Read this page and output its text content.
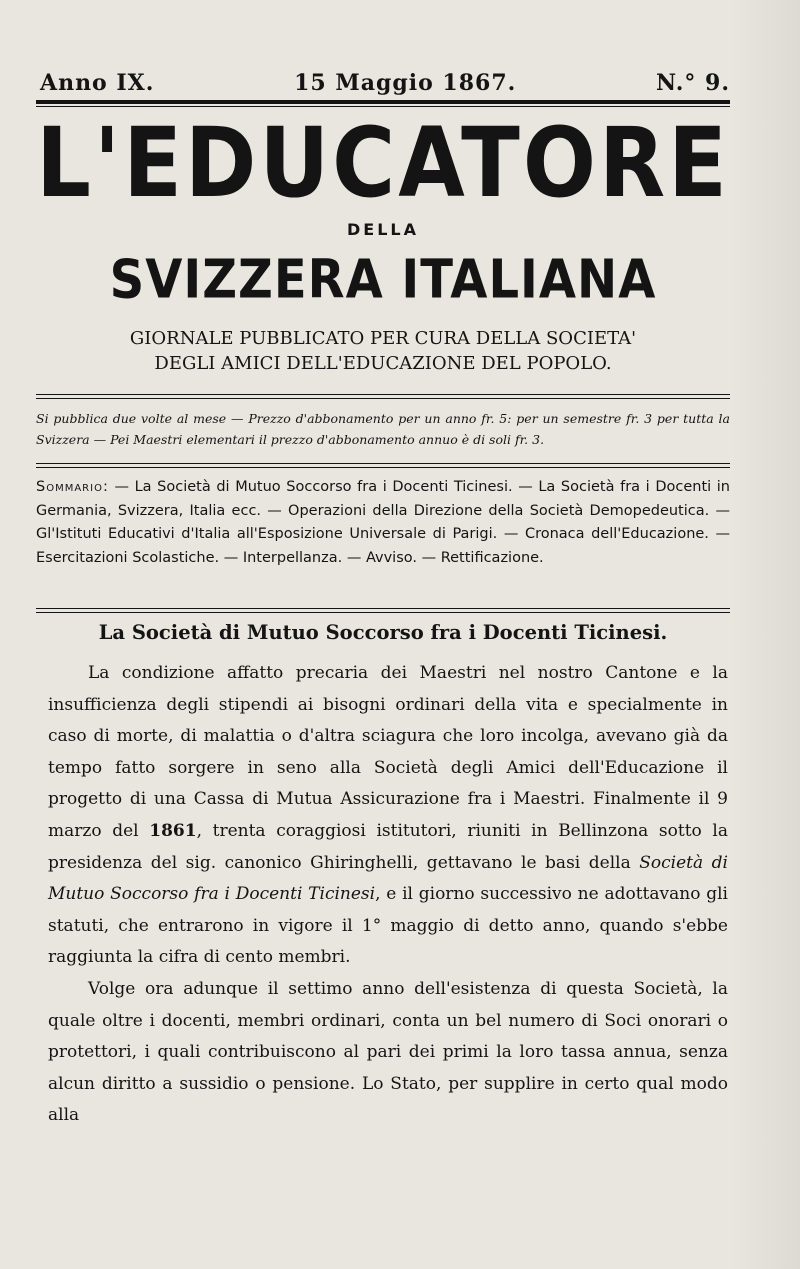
Anno IX.	15 Maggio 1867.	N.° 9.
L'EDUCATORE
DELLA
SVIZZERA ITALIANA
GIORNALE PUBBLICATO PER CURA DELLA SOCIETA'
DEGLI AMICI DELL'EDUCAZIONE DEL POPOLO.
Si pubblica due volte al mese — Prezzo d'abbonamento per un anno fr. 5: per un semestre fr. 3 per tutta la Svizzera — Pei Maestri elementari il prezzo d'abbonamento annuo è di soli fr. 3.
Sommario: — La Società di Mutuo Soccorso fra i Docenti Ticinesi. — La Società fra i Docenti in Germania, Svizzera, Italia ecc. — Operazioni della Direzione della Società Demopedeutica. — Gl'Istituti Educativi d'Italia all'Esposizione Universale di Parigi. — Cronaca dell'Educazione. — Esercitazioni Scolastiche. — Interpellanza. — Avviso. — Rettificazione.
La Società di Mutuo Soccorso fra i Docenti Ticinesi.

La condizione affatto precaria dei Maestri nel nostro Cantone e la insufficienza degli stipendi ai bisogni ordinari della vita e specialmente in caso di morte, di malattia o d'altra sciagura che loro incolga, avevano già da tempo fatto sorgere in seno alla Società degli Amici dell'Educazione il progetto di una Cassa di Mutua Assicurazione fra i Maestri. Finalmente il 9 marzo del 1861, trenta coraggiosi istitutori, riuniti in Bellinzona sotto la presidenza del sig. canonico Ghiringhelli, gettavano le basi della Società di Mutuo Soccorso fra i Docenti Ticinesi, e il giorno successivo ne adottavano gli statuti, che entrarono in vigore il 1° maggio di detto anno, quando s'ebbe raggiunta la cifra di cento membri.

Volge ora adunque il settimo anno dell'esistenza di questa Società, la quale oltre i docenti, membri ordinari, conta un bel numero di Soci onorari o protettori, i quali contribuiscono al pari dei primi la loro tassa annua, senza alcun diritto a sussidio o pensione. Lo Stato, per supplire in certo qual modo alla
